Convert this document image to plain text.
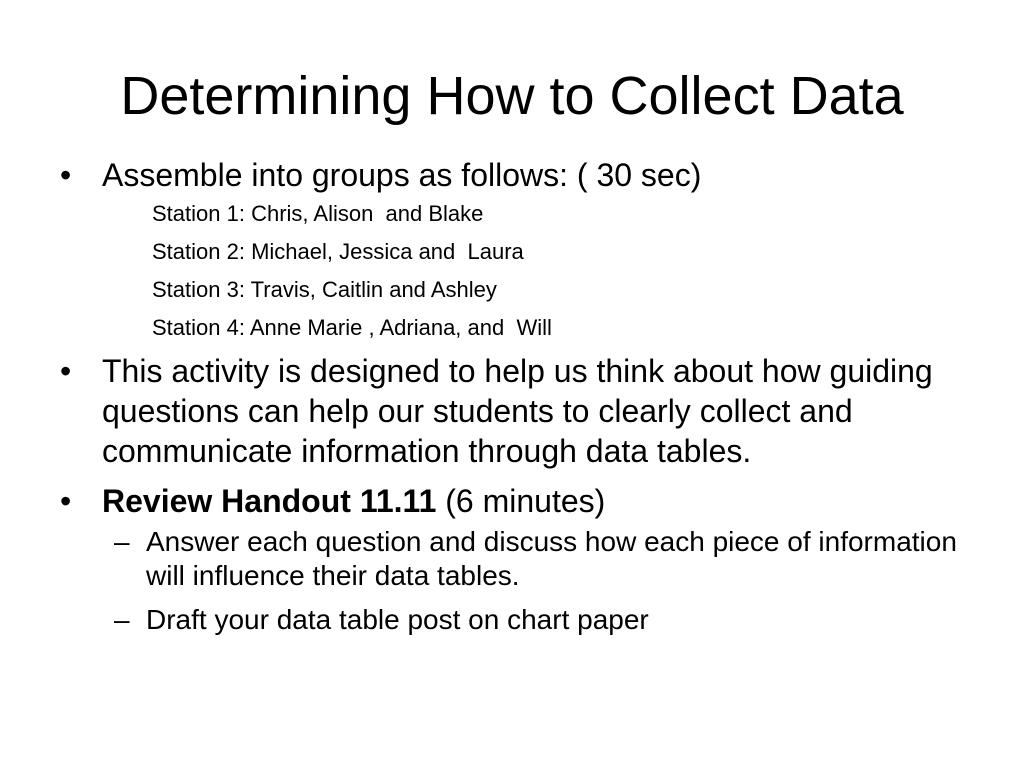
Determining How to Collect Data
• Assemble into groups as follows: ( 30 sec)
Station 1: Chris, Alison  and Blake
Station 2: Michael, Jessica and  Laura
Station 3: Travis, Caitlin and Ashley
Station 4: Anne Marie , Adriana, and  Will
• This activity is designed to help us think about how guiding questions can help our students to clearly collect and communicate information through data tables.
• Review Handout 11.11 (6 minutes)
– Answer each question and discuss how each piece of information will influence their data tables.
– Draft your data table post on chart paper
